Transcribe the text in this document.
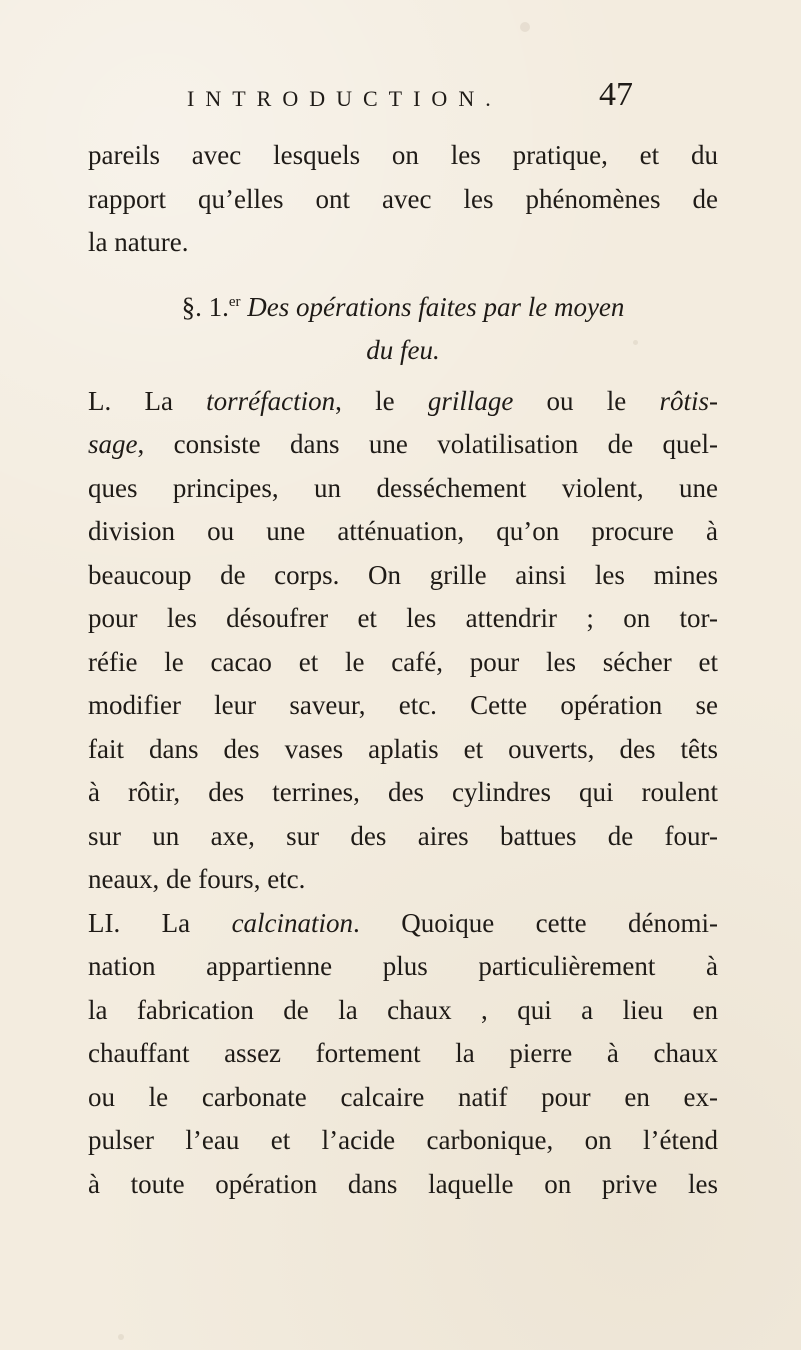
INTRODUCTION.	47
pareils avec lesquels on les pratique, et du
rapport qu’elles ont avec les phénomènes de
la nature.
§. 1.$^{er}$ Des opérations faites par le moyen
du feu.
L. La torréfaction, le grillage ou le rôtis-
sage, consiste dans une volatilisation de quel-
ques principes, un desséchement violent, une
division ou une atténuation, qu’on procure à
beaucoup de corps. On grille ainsi les mines
pour les désoufrer et les attendrir ; on tor-
réfie le cacao et le café, pour les sécher et
modifier leur saveur, etc. Cette opération se
fait dans des vases aplatis et ouverts, des têts
à rôtir, des terrines, des cylindres qui roulent
sur un axe, sur des aires battues de four-
neaux, de fours, etc.
LI. La calcination. Quoique cette dénomi-
nation appartienne plus particulièrement à
la fabrication de la chaux , qui a lieu en
chauffant assez fortement la pierre à chaux
ou le carbonate calcaire natif pour en ex-
pulser l’eau et l’acide carbonique, on l’étend
à toute opération dans laquelle on prive les
